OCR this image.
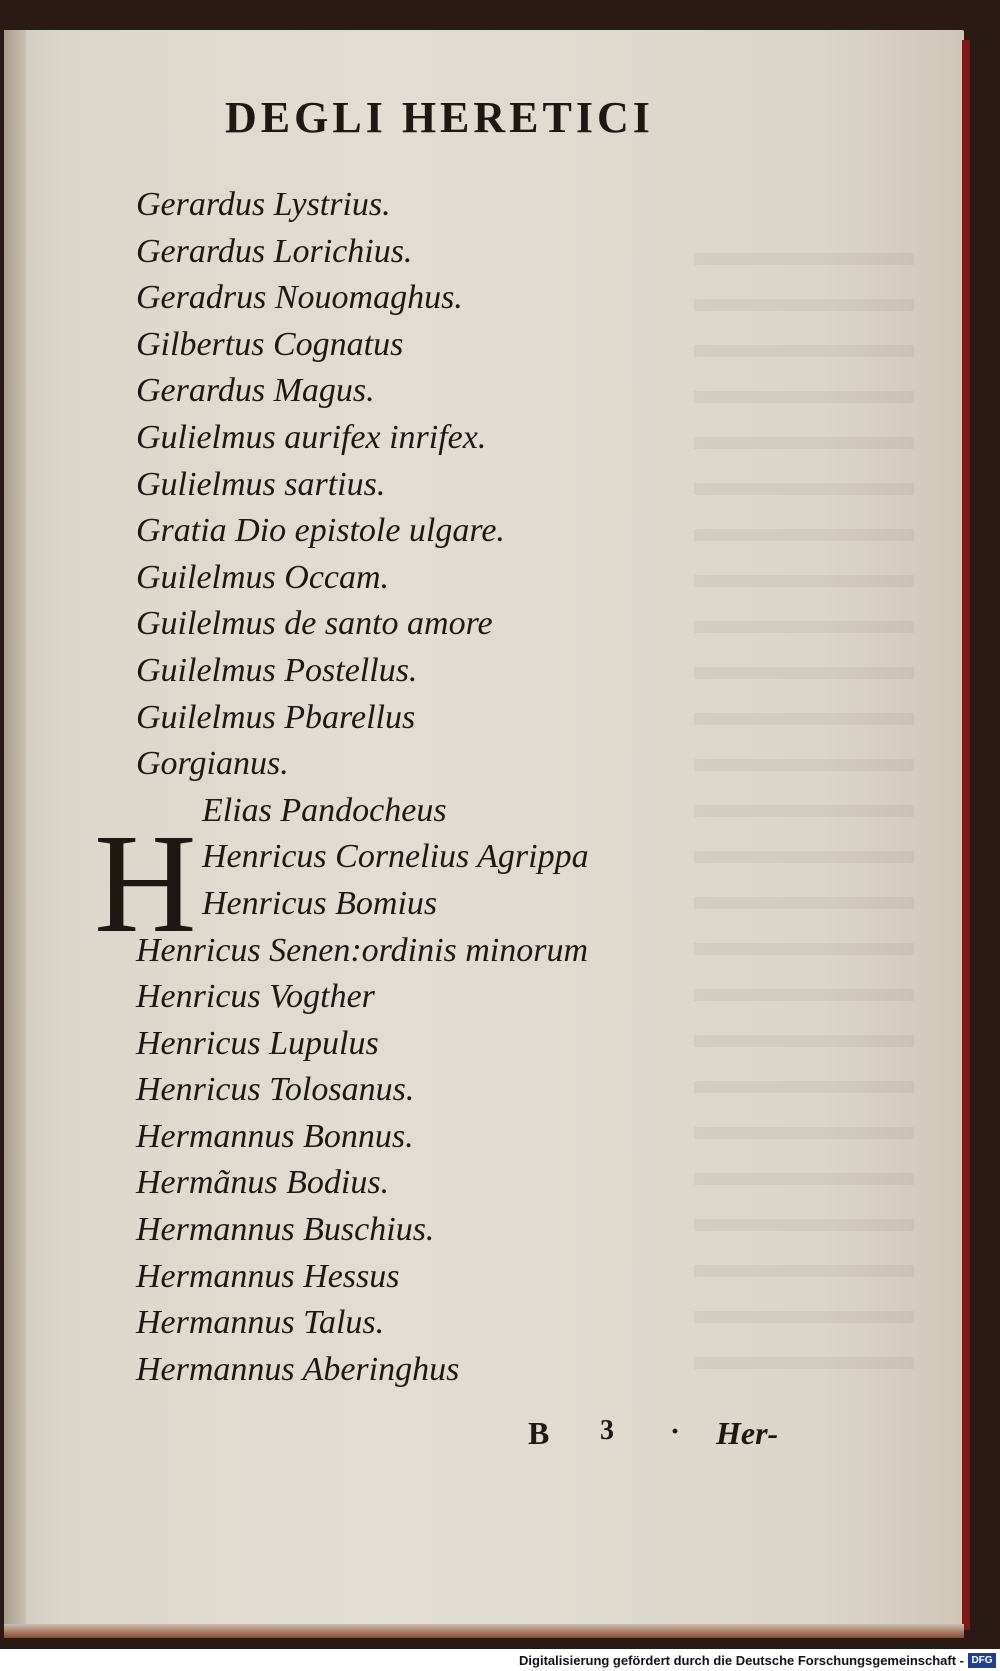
DEGLI HERETICI
Gerardus Lystrius.
Gerardus Lorichius.
Geradrus Nouomaghus.
Gilbertus Cognatus
Gerardus Magus.
Gulielmus aurifex inrifex.
Gulielmus sartius.
Gratia Dio epistole ulgare.
Guilelmus Occam.
Guilelmus de santo amore
Guilelmus Postellus.
Guilelmus Pbarellus
Gorgianus.
Elias Pandocheus
Henricus Cornelius Agrippa
Henricus Bomius
Henricus Senen:ordinis minorum
Henricus Vogther
Henricus Lupulus
Henricus Tolosanus.
Hermannus Bonnus.
Hermãnus Bodius.
Hermannus Buschius.
Hermannus Hessus
Hermannus Talus.
Hermannus Aberinghus
H
B 3 · Her-
Digitalisierung gefördert durch die Deutsche Forschungsgemeinschaft - DFG
